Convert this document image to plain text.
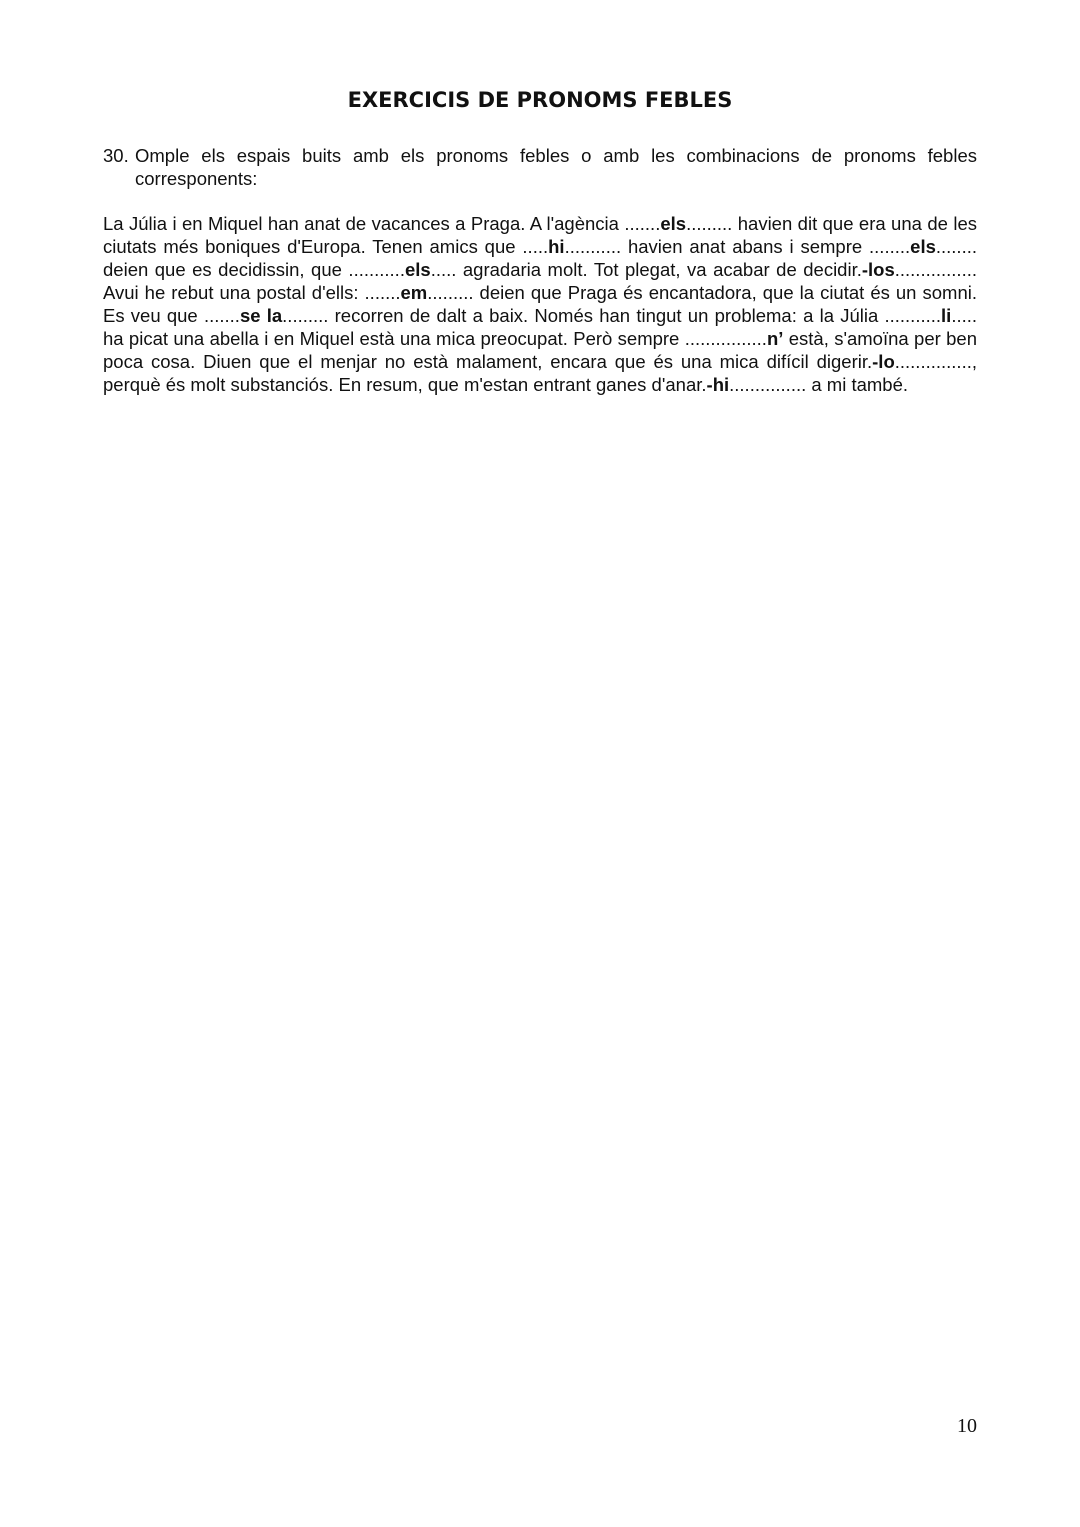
EXERCICIS DE PRONOMS FEBLES
30. Omple els espais buits amb els pronoms febles o amb les combinacions de pronoms febles corresponents:
La Júlia i en Miquel han anat de vacances a Praga. A l'agència .......els......... havien dit que era una de les ciutats més boniques d'Europa. Tenen amics que .....hi........... havien anat abans i sempre ........els........ deien que es decidissin, que ...........els..... agradaria molt. Tot plegat, va acabar de decidir.-los................ Avui he rebut una postal d'ells: .......em......... deien que Praga és encantadora, que la ciutat és un somni. Es veu que .......se la......... recorren de dalt a baix. Només han tingut un problema: a la Júlia ...........li..... ha picat una abella i en Miquel està una mica preocupat. Però sempre ................n’ està, s'amoïna per ben poca cosa. Diuen que el menjar no està malament, encara que és una mica difícil digerir.-lo..............., perquè és molt substanciós. En resum, que m'estan entrant ganes d'anar.-hi............... a mi també.
10
